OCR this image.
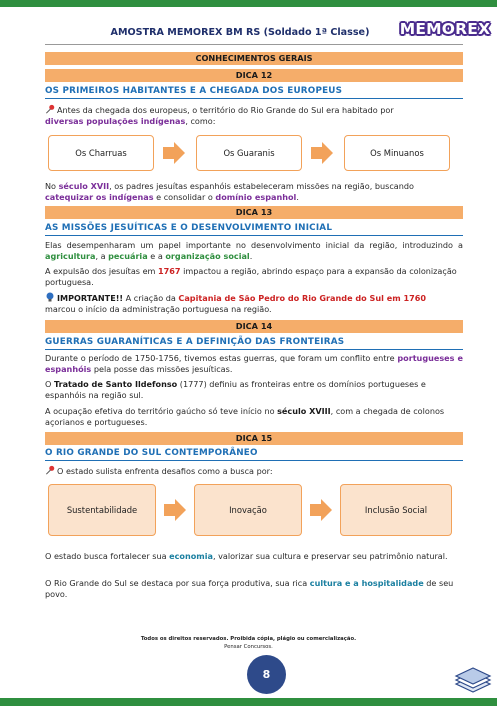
AMOSTRA MEMOREX BM RS (Soldado 1ª Classe)	MEMOREX
CONHECIMENTOS GERAIS
DICA 12
OS PRIMEIROS HABITANTES E A CHEGADA DOS EUROPEUS
Antes da chegada dos europeus, o território do Rio Grande do Sul era habitado por
diversas populações indígenas, como:
Os Charruas	Os Guaranis	Os Minuanos
No século XVII, os padres jesuítas espanhóis estabeleceram missões na região, buscando
catequizar os indígenas e consolidar o domínio espanhol.
DICA 13
AS MISSÕES JESUÍTICAS E O DESENVOLVIMENTO INICIAL
Elas desempenharam um papel importante no desenvolvimento inicial da região, introduzindo a agricultura, a pecuária e a organização social.
A expulsão dos jesuítas em 1767 impactou a região, abrindo espaço para a expansão da colonização portuguesa.
IMPORTANTE!! A criação da Capitania de São Pedro do Rio Grande do Sul em 1760
marcou o início da administração portuguesa na região.
DICA 14
GUERRAS GUARANÍTICAS E A DEFINIÇÃO DAS FRONTEIRAS
Durante o período de 1750-1756, tivemos estas guerras, que foram um conflito entre portugueses e espanhóis pela posse das missões jesuíticas.
O Tratado de Santo Ildefonso (1777) definiu as fronteiras entre os domínios portugueses e espanhóis na região sul.
A ocupação efetiva do território gaúcho só teve início no século XVIII, com a chegada de colonos açorianos e portugueses.
DICA 15
O RIO GRANDE DO SUL CONTEMPORÂNEO
O estado sulista enfrenta desafios como a busca por:
Sustentabilidade	Inovação	Inclusão Social
O estado busca fortalecer sua economia, valorizar sua cultura e preservar seu patrimônio natural.
O Rio Grande do Sul se destaca por sua força produtiva, sua rica cultura e a hospitalidade de seu povo.
Todos os direitos reservados. Proibida cópia, plágio ou comercialização.
Pensar Concursos.
8
